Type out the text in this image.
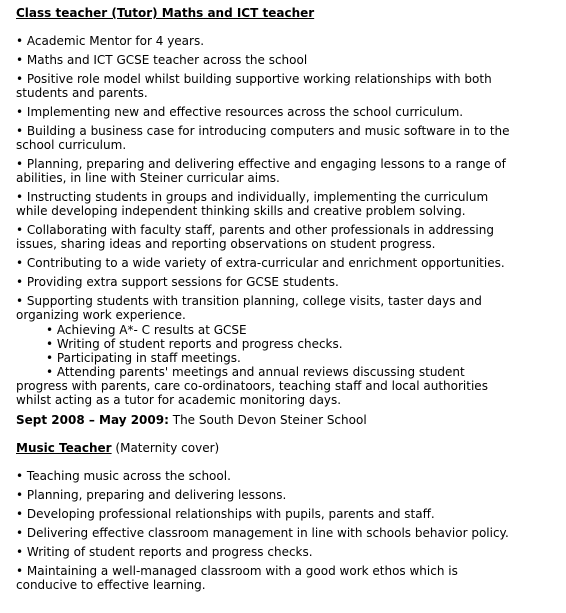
Class teacher (Tutor) Maths and ICT teacher
• Academic Mentor for 4 years.
• Maths and ICT GCSE teacher across the school
• Positive role model whilst building supportive working relationships with both students and parents.
• Implementing new and effective resources across the school curriculum.
• Building a business case for introducing computers and music software in to the school curriculum.
• Planning, preparing and delivering effective and engaging lessons to a range of abilities, in line with Steiner curricular aims.
• Instructing students in groups and individually, implementing the curriculum while developing independent thinking skills and creative problem solving.
• Collaborating with faculty staff, parents and other professionals in addressing issues, sharing ideas and reporting observations on student progress.
• Contributing to a wide variety of extra-curricular and enrichment opportunities.
• Providing extra support sessions for GCSE students.
• Supporting students with transition planning, college visits, taster days and organizing work experience.
• Achieving A*- C results at GCSE
• Writing of student reports and progress checks.
• Participating in staff meetings.
• Attending parents' meetings and annual reviews discussing student progress with parents, care co-ordinatoors, teaching staff and local authorities whilst acting as a tutor for academic monitoring days.
Sept 2008 – May 2009: The South Devon Steiner School
Music Teacher (Maternity cover)
• Teaching music across the school.
• Planning, preparing and delivering lessons.
• Developing professional relationships with pupils, parents and staff.
• Delivering effective classroom management in line with schools behavior policy.
• Writing of student reports and progress checks.
• Maintaining a well-managed classroom with a good work ethos which is conducive to effective learning.
